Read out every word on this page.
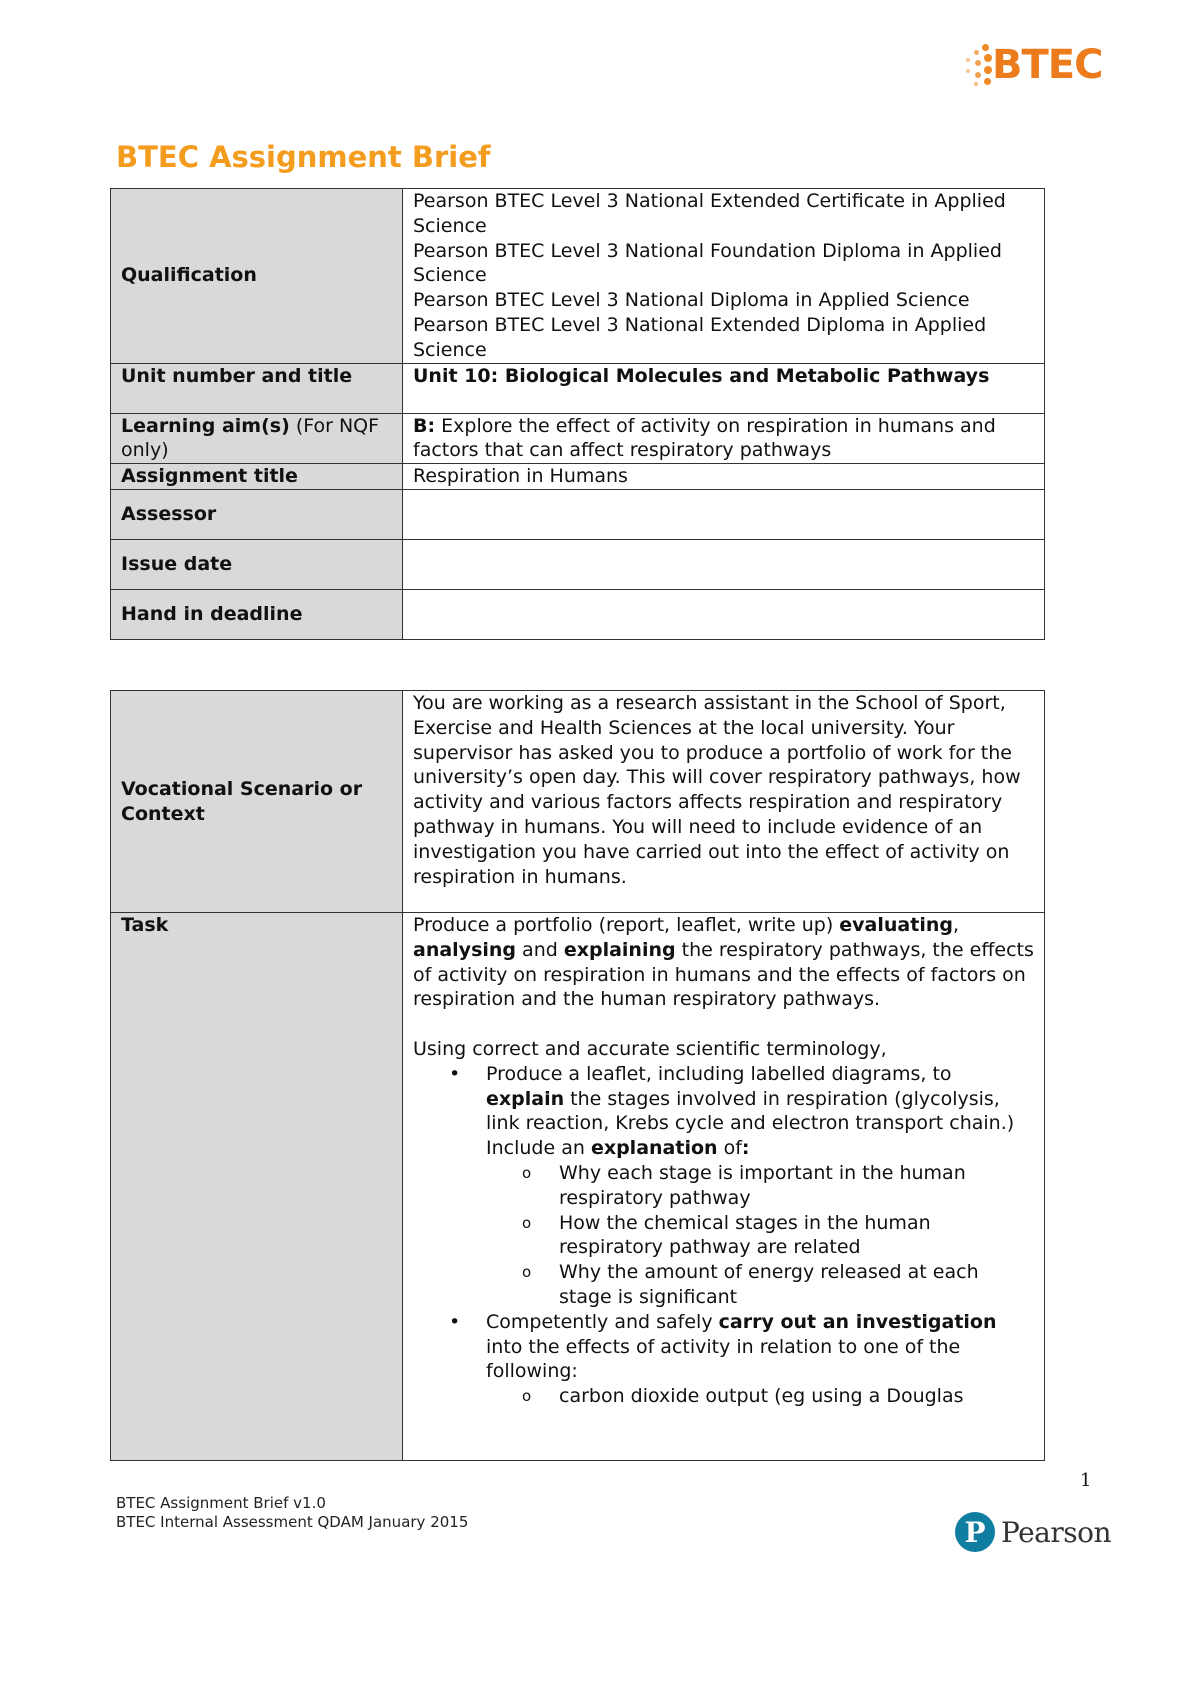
BTEC
BTEC Assignment Brief
Qualification	Pearson BTEC Level 3 National Extended Certificate in Applied Science
Pearson BTEC Level 3 National Foundation Diploma in Applied Science
Pearson BTEC Level 3 National Diploma in Applied Science
Pearson BTEC Level 3 National Extended Diploma in Applied Science

Unit number and title	Unit 10: Biological Molecules and Metabolic Pathways
Learning aim(s) (For NQF only)	B: Explore the effect of activity on respiration in humans and factors that can affect respiratory pathways
Assignment title	Respiration in Humans
Assessor	
Issue date	
Hand in deadline	
Vocational Scenario or Context	You are working as a research assistant in the School of Sport, Exercise and Health Sciences at the local university. Your supervisor has asked you to produce a portfolio of work for the university’s open day. This will cover respiratory pathways, how activity and various factors affects respiration and respiratory pathway in humans. You will need to include evidence of an investigation you have carried out into the effect of activity on respiration in humans.
Task	Produce a portfolio (report, leaflet, write up) evaluating, analysing and explaining the respiratory pathways, the effects of activity on respiration in humans and the effects of factors on respiration and the human respiratory pathways.
Using correct and accurate scientific terminology,
• Produce a leaflet, including labelled diagrams, to explain the stages involved in respiration (glycolysis, link reaction, Krebs cycle and electron transport chain.)
Include an explanation of:
o Why each stage is important in the human respiratory pathway
o How the chemical stages in the human respiratory pathway are related
o Why the amount of energy released at each stage is significant
• Competently and safely carry out an investigation into the effects of activity in relation to one of the following:
o carbon dioxide output (eg using a Douglas
1
BTEC Assignment Brief v1.0
BTEC Internal Assessment QDAM January 2015	P Pearson
